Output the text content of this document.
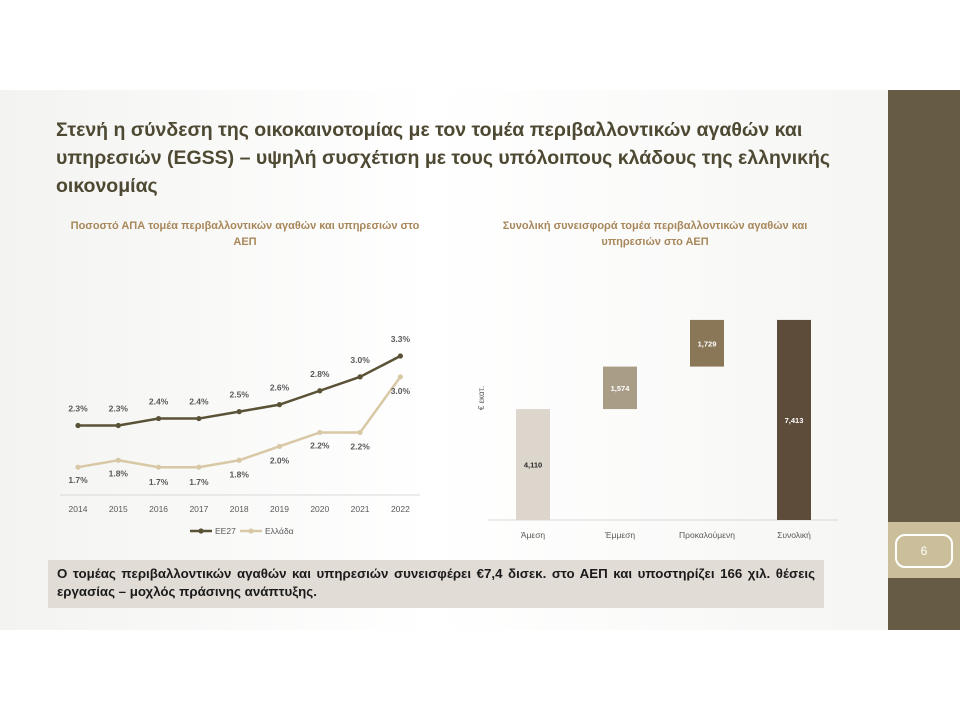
6
Στενή η σύνδεση της οικοκαινοτομίας με τον τομέα περιβαλλοντικών αγαθών και υπηρεσιών (EGSS) – υψηλή συσχέτιση με τους υπόλοιπους κλάδους της ελληνικής οικονομίας

Ποσοστό ΑΠΑ τομέα περιβαλλοντικών αγαθών και υπηρεσιών στο ΑΕΠ

2014	2015	2016	2017	2018	2019	2020	2021	2022
2.3% 2.3%
2.4% 2.4%
2.5%
2.6%
2.8%
3.0%
3.3%
1.7%
1.8%
1.7% 1.7%
1.8%
2.0%
2.2% 2.2%
3.0%
ΕΕ27	Ελλάδα

Συνολική συνεισφορά τομέα περιβαλλοντικών αγαθών και υπηρεσιών στο ΑΕΠ

€ εκατ.
4,110
Άμεση
1,574
Έμμεση
1,729
Προκαλούμενη
7,413
Συνολική

Ο τομέας περιβαλλοντικών αγαθών και υπηρεσιών συνεισφέρει €7,4 δισεκ. στο ΑΕΠ και υποστηρίζει 166 χιλ. θέσεις εργασίας – μοχλός πράσινης ανάπτυξης.
